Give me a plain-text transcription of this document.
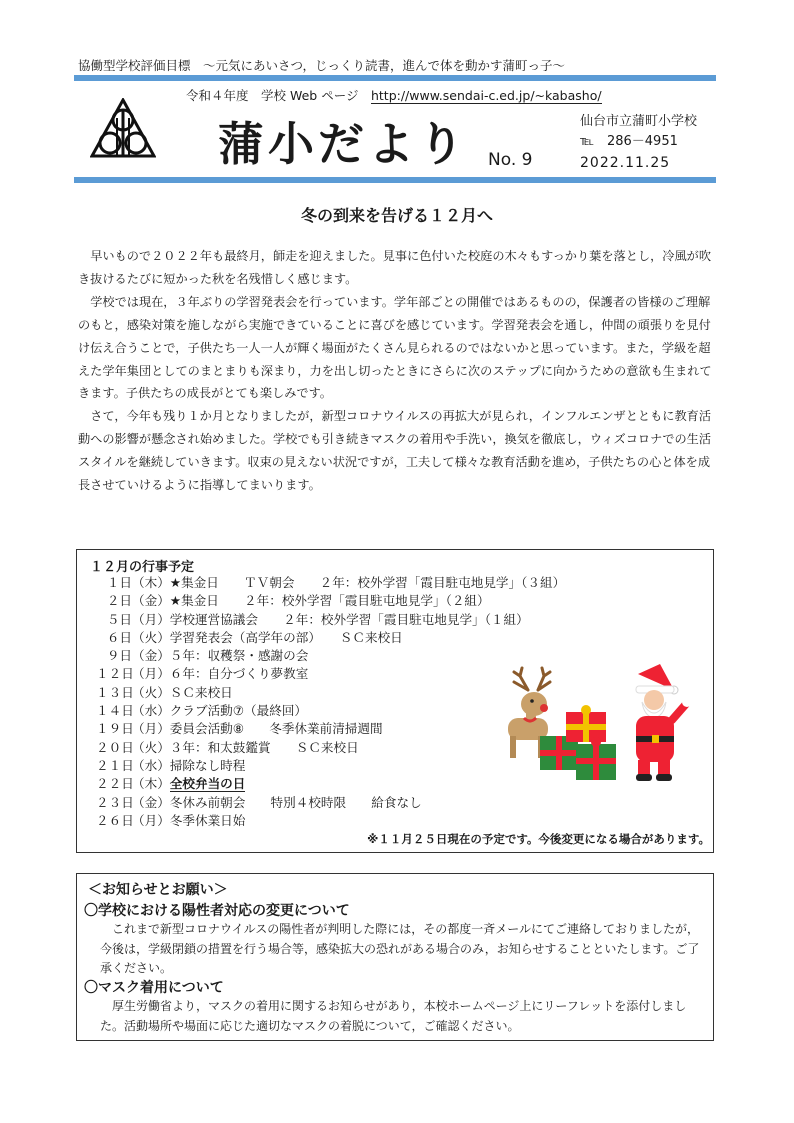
協働型学校評価目標　～元気にあいさつ，じっくり読書，進んで体を動かす蒲町っ子～
令和４年度　学校 Web ページ　 http://www.sendai-c.ed.jp/~kabasho/
蒲小だより No. 9
仙台市立蒲町小学校
℡　286－4951
2022.11.25
冬の到来を告げる１２月へ

早いもので２０２２年も最終月，師走を迎えました。見事に色付いた校庭の木々もすっかり葉を落とし，冷風が吹き抜けるたびに短かった秋を名残惜しく感じます。

学校では現在，３年ぶりの学習発表会を行っています。学年部ごとの開催ではあるものの，保護者の皆様のご理解のもと，感染対策を施しながら実施できていることに喜びを感じています。学習発表会を通し，仲間の頑張りを見付け伝え合うことで，子供たち一人一人が輝く場面がたくさん見られるのではないかと思っています。また，学級を超えた学年集団としてのまとまりも深まり，力を出し切ったときにさらに次のステップに向かうための意欲も生まれてきます。子供たちの成長がとても楽しみです。

さて，今年も残り１か月となりましたが，新型コロナウイルスの再拡大が見られ，インフルエンザとともに教育活動への影響が懸念され始めました。学校でも引き続きマスクの着用や手洗い，換気を徹底し，ウィズコロナでの生活スタイルを継続していきます。収束の見えない状況ですが，工夫して様々な教育活動を進め，子供たちの心と体を成長させていけるように指導してまいります。

１２月の行事予定
１日（木）★集金日　　ＴＶ朝会　　２年：校外学習「霞目駐屯地見学」（３組）
２日（金）★集金日　　２年：校外学習「霞目駐屯地見学」（２組）
５日（月）学校運営協議会　　２年：校外学習「霞目駐屯地見学」（１組）
６日（火）学習発表会（高学年の部）　　ＳＣ来校日
９日（金）５年：収穫祭・感謝の会
１２日（月）６年：自分づくり夢教室
１３日（火）ＳＣ来校日
１４日（水）クラブ活動⑦（最終回）
１９日（月）委員会活動⑧　　冬季休業前清掃週間
２０日（火）３年：和太鼓鑑賞　　ＳＣ来校日
２１日（水）掃除なし時程
２２日（木）全校弁当の日
２３日（金）冬休み前朝会　　特別４校時限　　給食なし
２６日（月）冬季休業日始
※１１月２５日現在の予定です。今後変更になる場合があります。
＜お知らせとお願い＞
〇学校における陽性者対応の変更について

これまで新型コロナウイルスの陽性者が判明した際には，その都度一斉メールにてご連絡しておりましたが，今後は，学級閉鎖の措置を行う場合等，感染拡大の恐れがある場合のみ，お知らせすることといたします。ご了承ください。

〇マスク着用について

厚生労働省より，マスクの着用に関するお知らせがあり，本校ホームページ上にリーフレットを添付しました。活動場所や場面に応じた適切なマスクの着脱について，ご確認ください。
